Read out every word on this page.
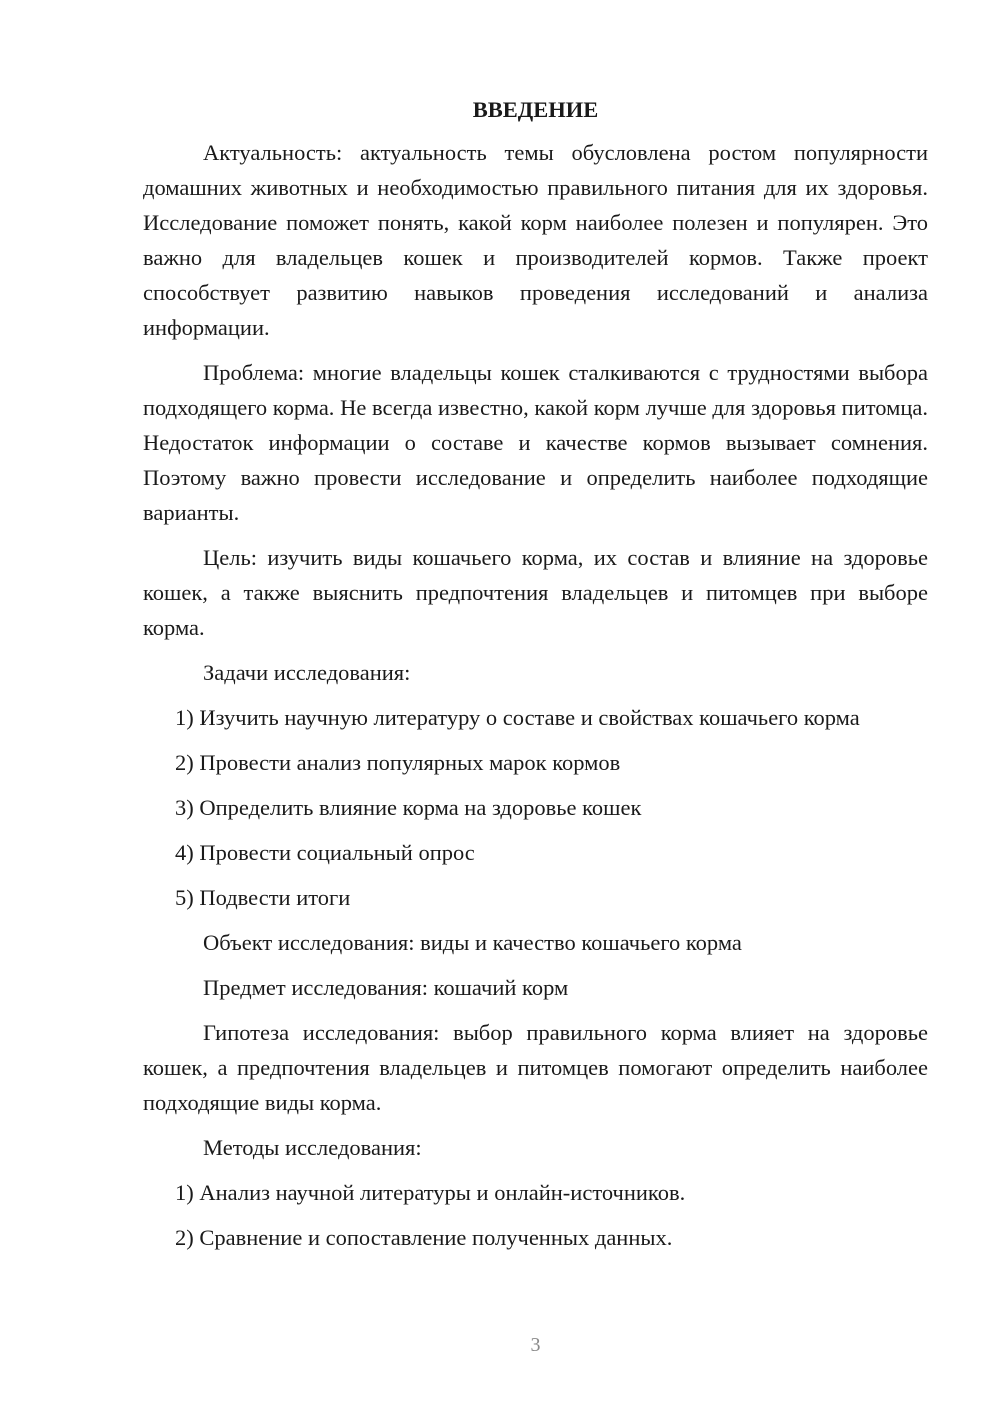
ВВЕДЕНИЕ

Актуальность: актуальность темы обусловлена ростом популярности домашних животных и необходимостью правильного питания для их здоровья. Исследование поможет понять, какой корм наиболее полезен и популярен. Это важно для владельцев кошек и производителей кормов. Также проект способствует развитию навыков проведения исследований и анализа информации.

Проблема: многие владельцы кошек сталкиваются с трудностями выбора подходящего корма. Не всегда известно, какой корм лучше для здоровья питомца. Недостаток информации о составе и качестве кормов вызывает сомнения. Поэтому важно провести исследование и определить наиболее подходящие варианты.

Цель: изучить виды кошачьего корма, их состав и влияние на здоровье кошек, а также выяснить предпочтения владельцев и питомцев при выборе корма.

Задачи исследования:

1) Изучить научную литературу о составе и свойствах кошачьего корма

2) Провести анализ популярных марок кормов

3) Определить влияние корма на здоровье кошек

4) Провести социальный опрос

5) Подвести итоги

Объект исследования: виды и качество кошачьего корма

Предмет исследования: кошачий корм

Гипотеза исследования: выбор правильного корма влияет на здоровье кошек, а предпочтения владельцев и питомцев помогают определить наиболее подходящие виды корма.

Методы исследования:

1) Анализ научной литературы и онлайн-источников.

2) Сравнение и сопоставление полученных данных.

3
